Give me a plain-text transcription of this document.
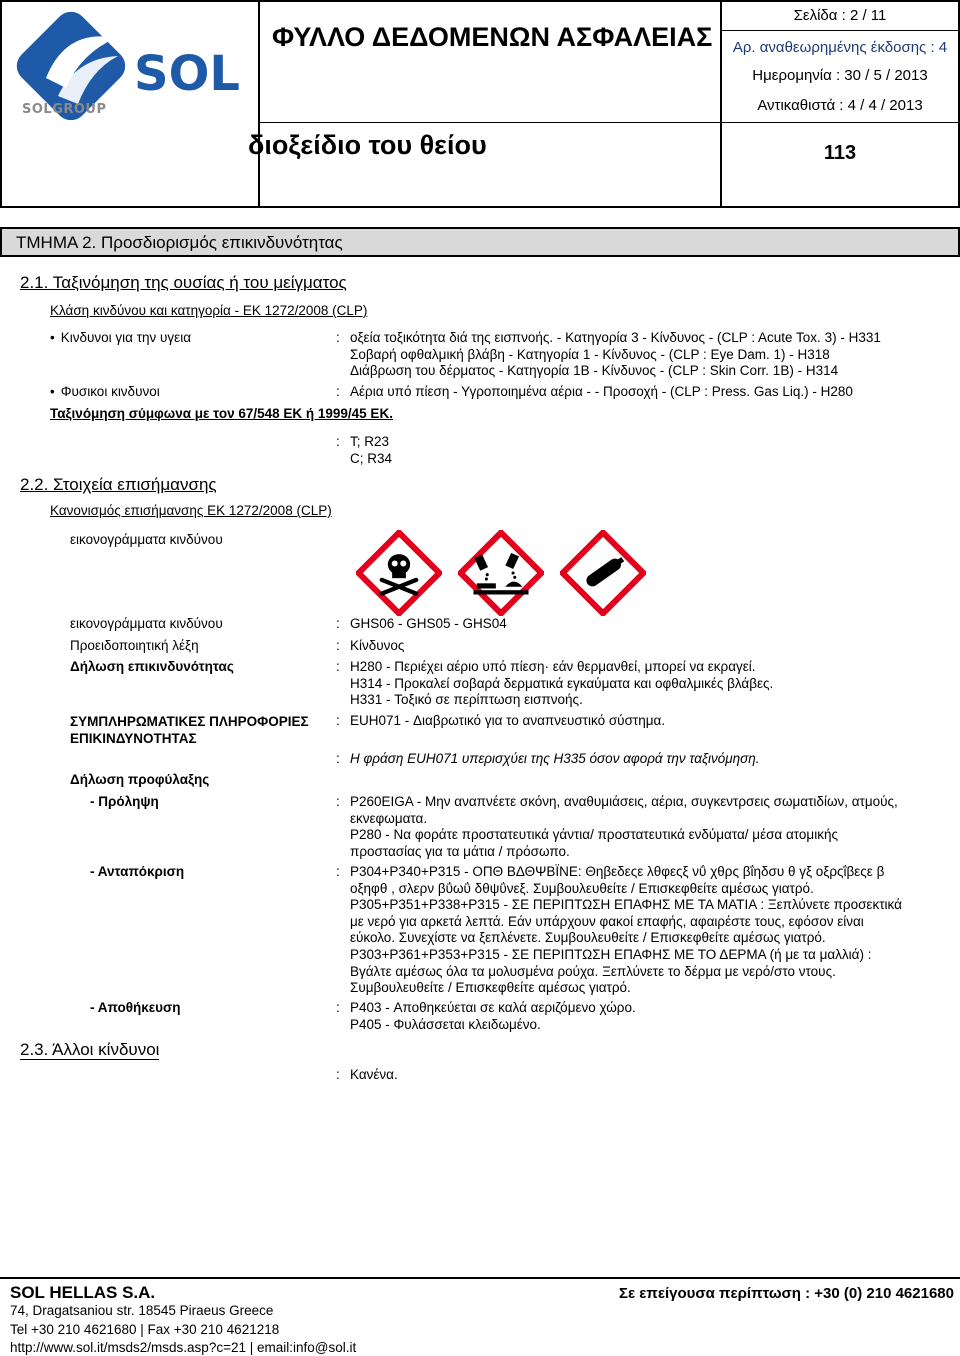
SOL
SOLGROUP
ΦΥΛΛΟ ΔΕΔΟΜΕΝΩΝ ΑΣΦΑΛΕΙΑΣ
διοξείδιο του θείου
Σελίδα : 2 / 11
Αρ. αναθεωρημένης έκδοσης : 4
Ημερομηνία : 30 / 5 / 2013
Αντικαθιστά : 4 / 4 / 2013
113
ΤΜΗΜΑ 2. Προσδιορισμός επικινδυνότητας
2.1. Ταξινόμηση της ουσίας ή του μείγματος
Κλάση κινδύνου και κατηγορία - ΕΚ 1272/2008 (CLP)
• Κινδυνοι για την υγεια	: οξεία τοξικότητα διά της εισπνοής. - Κατηγορία 3 - Κίνδυνος - (CLP : Acute Tox. 3) - H331
Σοβαρή οφθαλμική βλάβη - Κατηγορία 1 - Κίνδυνος - (CLP : Eye Dam. 1) - H318
Διάβρωση του δέρματος - Κατηγορία 1B - Κίνδυνος - (CLP : Skin Corr. 1B) - H314
• Φυσικοι κινδυνοι	: Αέρια υπό πίεση - Υγροποιημένα αέρια - - Προσοχή - (CLP : Press. Gas Liq.) - H280
Ταξινόμηση σύμφωνα με τον 67/548 ΕΚ ή 1999/45 ΕΚ.
: T; R23
C; R34
2.2. Στοιχεία επισήμανσης
Κανονισμός επισήμανσης ΕΚ 1272/2008 (CLP)
εικονογράμματα κινδύνου
εικονογράμματα κινδύνου	: GHS06 - GHS05 - GHS04
Προειδοποιητική λέξη	: Κίνδυνος
Δήλωση επικινδυνότητας	: H280 - Περιέχει αέριο υπό πίεση· εάν θερμανθεί, μπορεί να εκραγεί.
H314 - Προκαλεί σοβαρά δερματικά εγκαύματα και οφθαλμικές βλάβες.
H331 - Τοξικό σε περίπτωση εισπνοής.
ΣΥΜΠΛΗΡΩΜΑΤΙΚΕΣ ΠΛΗΡΟΦΟΡΙΕΣ
ΕΠΙΚΙΝΔΥΝΟΤΗΤΑΣ
: EUH071 - Διαβρωτικό για το αναπνευστικό σύστημα.
: Η φράση EUH071 υπερισχύει της H335 όσον αφορά την ταξινόμηση.
Δήλωση προφύλαξης
- Πρόληψη	: P260EIGA - Μην αναπνέετε σκόνη, αναθυμιάσεις, αέρια, συγκεντρσεις σωματιδίων, ατμούς,
εκνεφωματα.
P280 - Να φοράτε προστατευτικά γάντια/ προστατευτικά ενδύματα/ μέσα ατομικής
προστασίας για τα μάτια / πρόσωπο.
- Ανταπόκριση	: P304+P340+P315 - ΟΠΘ ΒΔΘΨΒΪΝΕ: Θηβεδεςε λθφεςξ νΰ χθρς βΐηδσυ θ γξ οξρςΐβεςε β
οξηφθ , σλερν βΰωΰ δθψΰνεξ. Συμβουλευθείτε / Επισκεφθείτε αμέσως γιατρό.
P305+P351+P338+P315 - ΣΕ ΠΕΡΙΠΤΩΣΗ ΕΠΑΦΗΣ ΜΕ ΤΑ ΜΑΤΙΑ : Ξεπλύνετε προσεκτικά
με νερό για αρκετά λεπτά. Εάν υπάρχουν φακοί επαφής, αφαιρέστε τους, εφόσον είναι
εύκολο. Συνεχίστε να ξεπλένετε. Συμβουλευθείτε / Επισκεφθείτε αμέσως γιατρό.
P303+P361+P353+P315 - ΣΕ ΠΕΡΙΠΤΩΣΗ ΕΠΑΦΗΣ ΜΕ ΤΟ ΔΕΡΜΑ (ή με τα μαλλιά) :
Βγάλτε αμέσως όλα τα μολυσμένα ρούχα. Ξεπλύνετε το δέρμα με νερό/στο ντους.
Συμβουλευθείτε / Επισκεφθείτε αμέσως γιατρό.
- Αποθήκευση	: P403 - Αποθηκεύεται σε καλά αεριζόμενο χώρο.
P405 - Φυλάσσεται κλειδωμένο.
2.3. Άλλοι κίνδυνοι
: Κανένα.
SOL HELLAS S.A.	Σε επείγουσα περίπτωση : +30 (0) 210 4621680
74, Dragatsaniou str. 18545 Piraeus Greece
Tel +30 210 4621680 | Fax +30 210 4621218
http://www.sol.it/msds2/msds.asp?c=21 | email:info@sol.it
